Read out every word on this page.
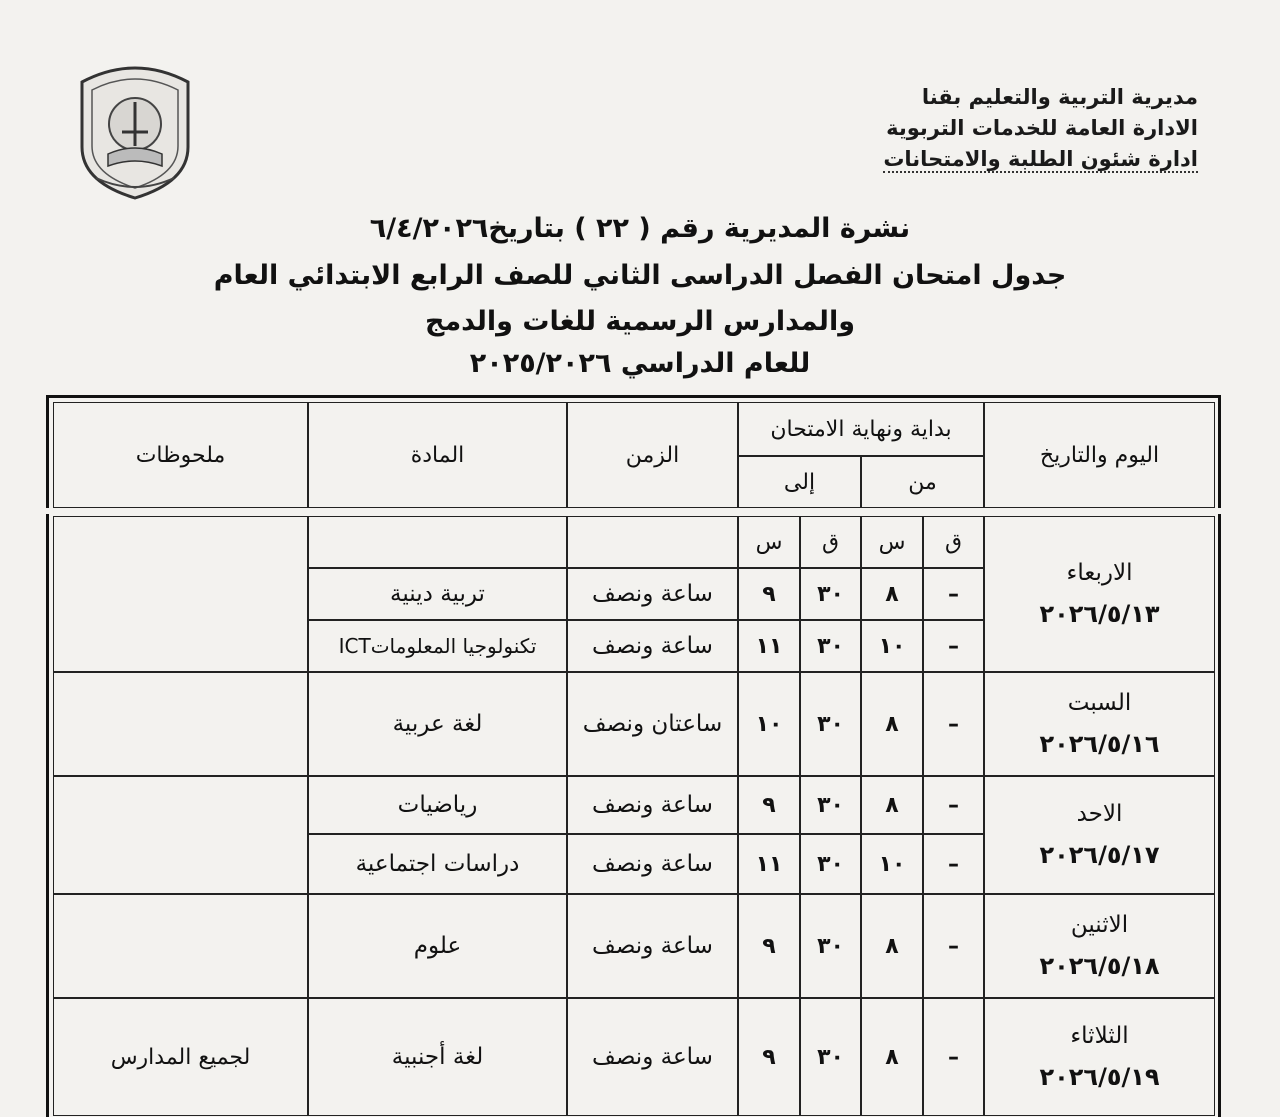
مديرية التربية والتعليم بقنا
الادارة العامة للخدمات التربوية
ادارة شئون الطلبة والامتحانات
نشرة المديرية رقم ( ٢٢ ) بتاريخ٦/٤/٢٠٢٦
جدول امتحان الفصل الدراسى الثاني للصف الرابع الابتدائي العام
والمدارس الرسمية للغات والدمج
للعام الدراسي ٢٠٢٥/٢٠٢٦
اليوم والتاريخ
بداية ونهاية الامتحان
من
إلى
الزمن
المادة
ملحوظات
ق
س
ق
س
الاربعاء
٢٠٢٦/٥/١٣
السبت
٢٠٢٦/٥/١٦
الاحد
٢٠٢٦/٥/١٧
الاثنين
٢٠٢٦/٥/١٨
الثلاثاء
٢٠٢٦/٥/١٩
لجميع المدارس
–
٨
٣٠
٩
ساعة ونصف
تربية دينية
–
١٠
٣٠
١١
ساعة ونصف
تكنولوجيا المعلوماتICT
–
٨
٣٠
١٠
ساعتان ونصف
لغة عربية
–
٨
٣٠
٩
ساعة ونصف
رياضيات
–
١٠
٣٠
١١
ساعة ونصف
دراسات اجتماعية
–
٨
٣٠
٩
ساعة ونصف
علوم
–
٨
٣٠
٩
ساعة ونصف
لغة أجنبية
